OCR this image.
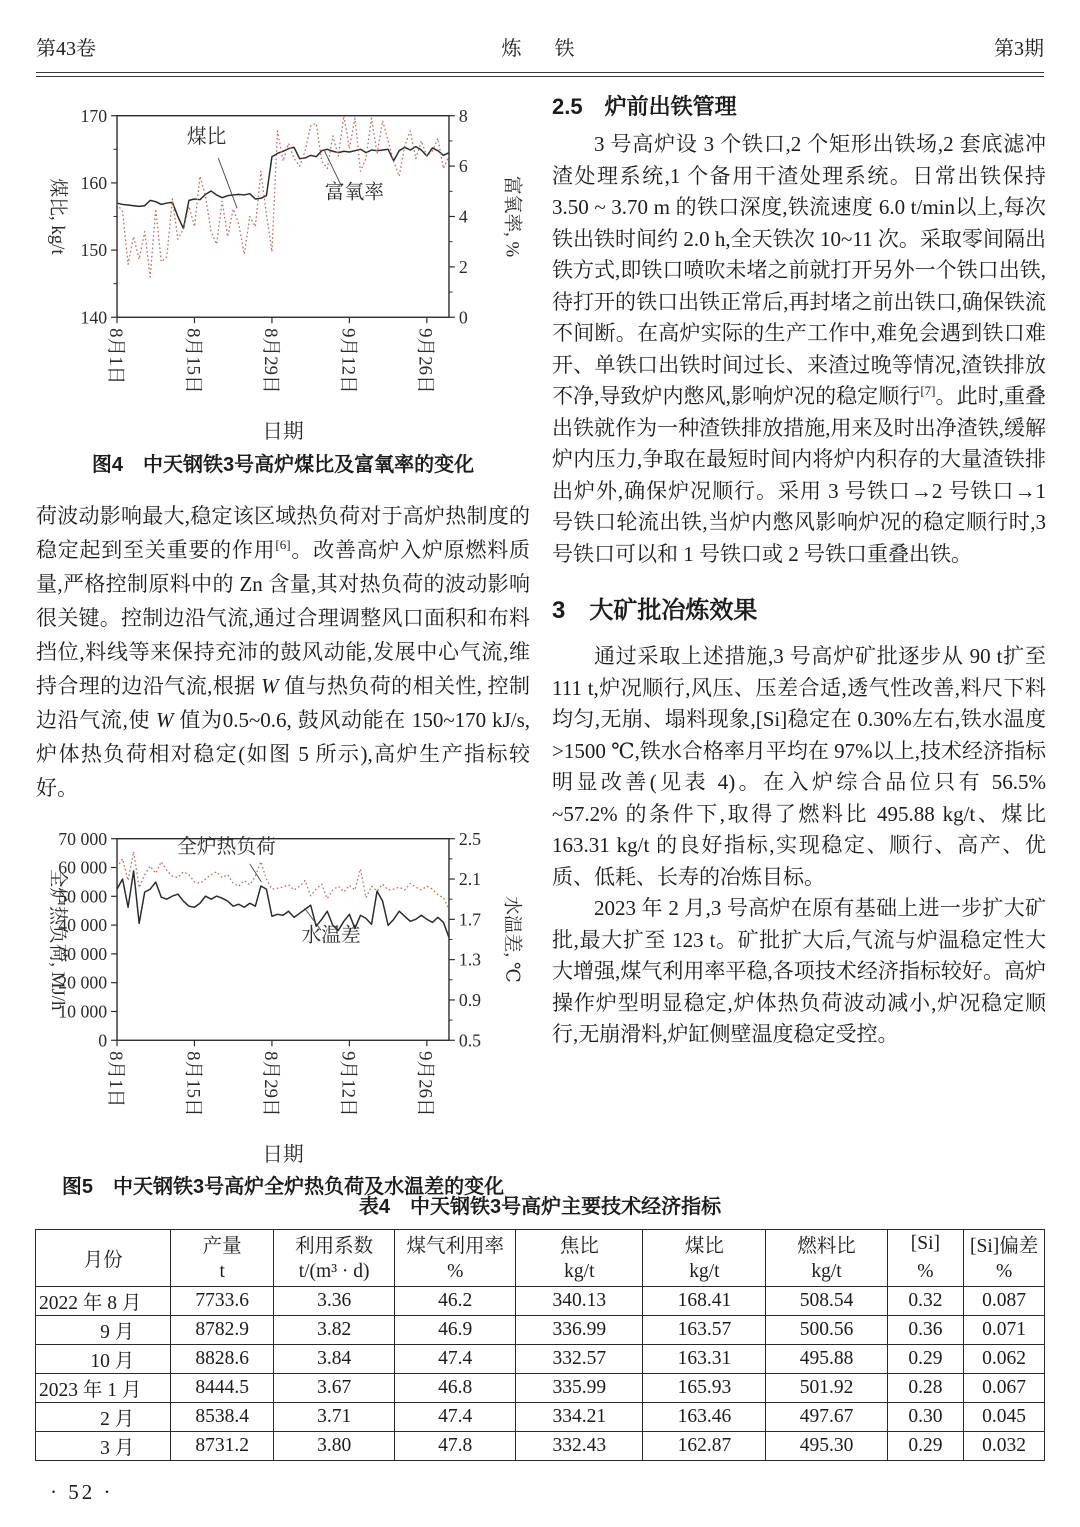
第43卷	炼 铁	第3期
140
150
160
170
煤比, kg/t
0
2
4
6
8
富氧率, %
8月1日	8月15日	8月29日	9月12日	9月26日
日期
煤比
富氧率
图4　中天钢铁3号高炉煤比及富氧率的变化
荷波动影响最大,稳定该区域热负荷对于高炉热制度的稳定起到至关重要的作用[6]。改善高炉入炉原燃料质量,严格控制原料中的 Zn 含量,其对热负荷的波动影响很关键。控制边沿气流,通过合理调整风口面积和布料挡位,料线等来保持充沛的鼓风动能,发展中心气流,维持合理的边沿气流,根据 W 值与热负荷的相关性, 控制边沿气流,使 W 值为0.5~0.6, 鼓风动能在 150~170 kJ/s,炉体热负荷相对稳定(如图 5 所示),高炉生产指标较好。
0
10 000
20 000
30 000
40 000
50 000
60 000
70 000
全炉热负荷, MJ/h
0.5
0.9
1.3
1.7
2.1
2.5
水温差, ℃
8月1日	8月15日	8月29日	9月12日	9月26日
日期
全炉热负荷
水温差
图5　中天钢铁3号高炉全炉热负荷及水温差的变化
2.5　炉前出铁管理
3 号高炉设 3 个铁口,2 个矩形出铁场,2 套底滤冲渣处理系统,1 个备用干渣处理系统。日常出铁保持 3.50 ~ 3.70 m 的铁口深度,铁流速度 6.0 t/min以上,每次铁出铁时间约 2.0 h,全天铁次 10~11 次。采取零间隔出铁方式,即铁口喷吹未堵之前就打开另外一个铁口出铁,待打开的铁口出铁正常后,再封堵之前出铁口,确保铁流不间断。在高炉实际的生产工作中,难免会遇到铁口难开、单铁口出铁时间过长、来渣过晚等情况,渣铁排放不净,导致炉内憋风,影响炉况的稳定顺行[7]。此时,重叠出铁就作为一种渣铁排放措施,用来及时出净渣铁,缓解炉内压力,争取在最短时间内将炉内积存的大量渣铁排出炉外,确保炉况顺行。采用 3 号铁口→2 号铁口→1 号铁口轮流出铁,当炉内憋风影响炉况的稳定顺行时,3 号铁口可以和 1 号铁口或 2 号铁口重叠出铁。
3　大矿批冶炼效果
通过采取上述措施,3 号高炉矿批逐步从 90 t扩至 111 t,炉况顺行,风压、压差合适,透气性改善,料尺下料均匀,无崩、塌料现象,[Si]稳定在 0.30%左右,铁水温度>1500 ℃,铁水合格率月平均在 97%以上,技术经济指标明显改善(见表 4)。在入炉综合品位只有 56.5% ~57.2% 的条件下,取得了燃料比 495.88 kg/t、煤比 163.31 kg/t 的良好指标,实现稳定、顺行、高产、优质、低耗、长寿的冶炼目标。
2023 年 2 月,3 号高炉在原有基础上进一步扩大矿批,最大扩至 123 t。矿批扩大后,气流与炉温稳定性大大增强,煤气利用率平稳,各项技术经济指标较好。高炉操作炉型明显稳定,炉体热负荷波动减小,炉况稳定顺行,无崩滑料,炉缸侧壁温度稳定受控。
表4　中天钢铁3号高炉主要技术经济指标
月份	产量	利用系数	煤气利用率	焦比	煤比	燃料比	[Si]	[Si]偏差
	t	t/(m³ · d)	%	kg/t	kg/t	kg/t	%	%
2022 年 8 月	7733.6	3.36	46.2	340.13	168.41	508.54	0.32	0.087
9 月	8782.9	3.82	46.9	336.99	163.57	500.56	0.36	0.071
10 月	8828.6	3.84	47.4	332.57	163.31	495.88	0.29	0.062
2023 年 1 月	8444.5	3.67	46.8	335.99	165.93	501.92	0.28	0.067
2 月	8538.4	3.71	47.4	334.21	163.46	497.67	0.30	0.045
3 月	8731.2	3.80	47.8	332.43	162.87	495.30	0.29	0.032
· 52 ·
